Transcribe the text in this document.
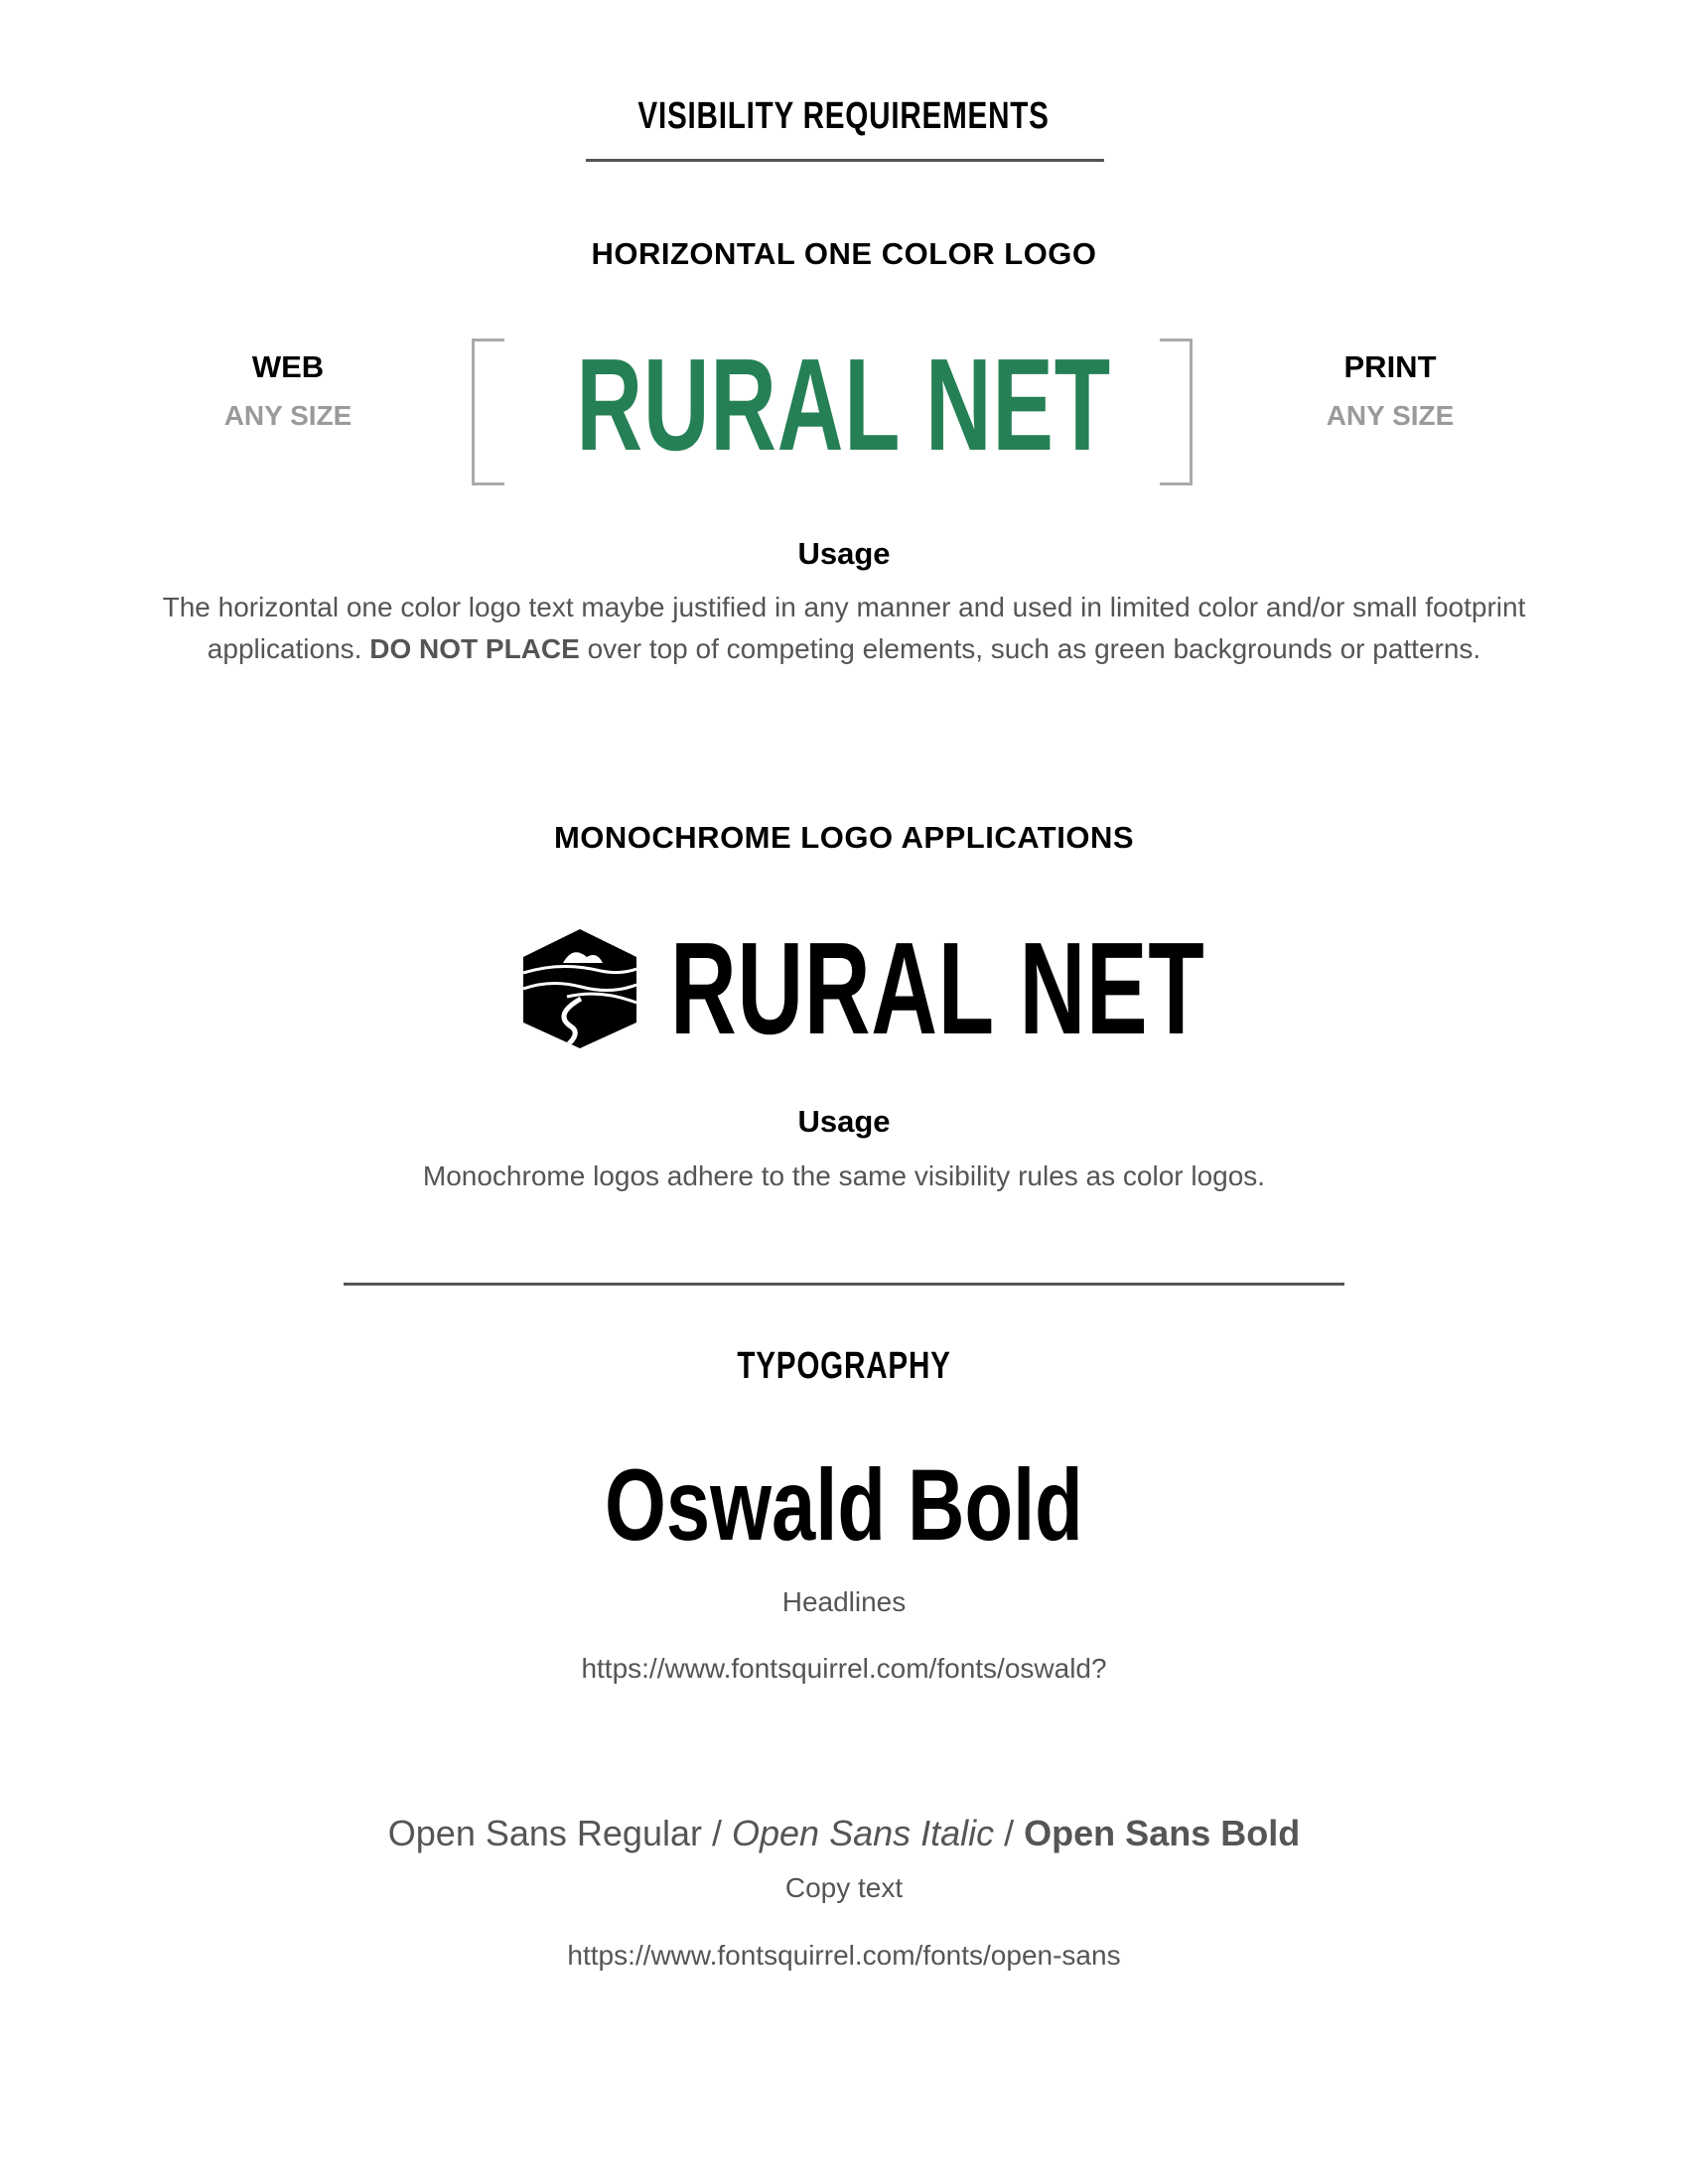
VISIBILITY REQUIREMENTS
HORIZONTAL ONE COLOR LOGO
WEB
ANY SIZE	RURAL NET	PRINT
ANY SIZE
Usage
The horizontal one color logo text maybe justified in any manner and used in limited color and/or small footprint applications. DO NOT PLACE over top of competing elements, such as green backgrounds or patterns.
MONOCHROME LOGO APPLICATIONS
RURAL NET
Usage
Monochrome logos adhere to the same visibility rules as color logos.
TYPOGRAPHY
Oswald Bold
Headlines
https://www.fontsquirrel.com/fonts/oswald?
Open Sans Regular / Open Sans Italic / Open Sans Bold
Copy text
https://www.fontsquirrel.com/fonts/open-sans
